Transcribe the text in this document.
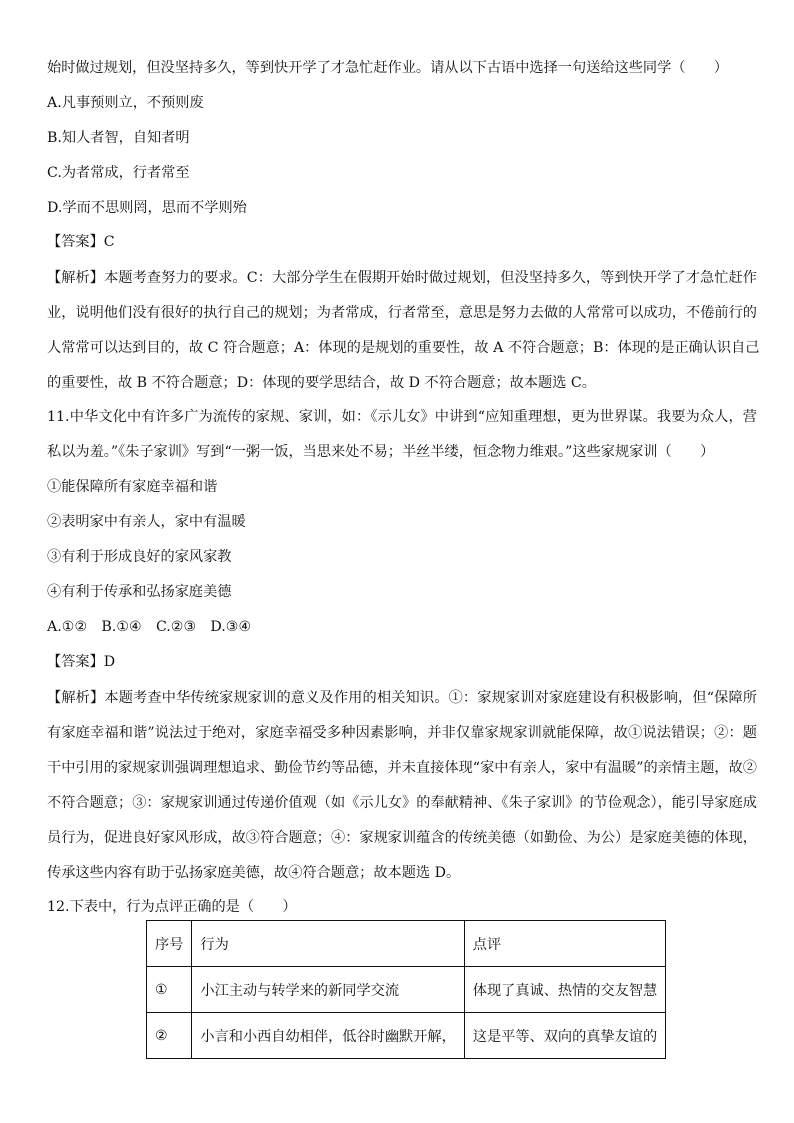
始时做过规划，但没坚持多久，等到快开学了才急忙赶作业。请从以下古语中选择一句送给这些同学（　　）
A.凡事预则立，不预则废
B.知人者智，自知者明
C.为者常成，行者常至
D.学而不思则罔，思而不学则殆
【答案】C
【解析】本题考查努力的要求。C：大部分学生在假期开始时做过规划，但没坚持多久，等到快开学了才急忙赶作
业，说明他们没有很好的执行自己的规划；为者常成，行者常至，意思是努力去做的人常常可以成功，不倦前行的
人常常可以达到目的，故 C 符合题意；A：体现的是规划的重要性，故 A 不符合题意；B：体现的是正确认识自己
的重要性，故 B 不符合题意；D：体现的要学思结合，故 D 不符合题意；故本题选 C。
11.中华文化中有许多广为流传的家规、家训，如：《示儿女》中讲到“应知重理想，更为世界谋。我要为众人，营
私以为羞。”《朱子家训》写到“一粥一饭，当思来处不易；半丝半缕，恒念物力维艰。”这些家规家训（　　）
①能保障所有家庭幸福和谐
②表明家中有亲人，家中有温暖
③有利于形成良好的家风家教
④有利于传承和弘扬家庭美德
A.①②　B.①④　C.②③　D.③④
【答案】D
【解析】本题考查中华传统家规家训的意义及作用的相关知识。①：家规家训对家庭建设有积极影响，但“保障所
有家庭幸福和谐”说法过于绝对，家庭幸福受多种因素影响，并非仅靠家规家训就能保障，故①说法错误；②：题
干中引用的家规家训强调理想追求、勤俭节约等品德，并未直接体现“家中有亲人，家中有温暖”的亲情主题，故②
不符合题意；③：家规家训通过传递价值观（如《示儿女》的奉献精神、《朱子家训》的节俭观念），能引导家庭成
员行为，促进良好家风形成，故③符合题意；④：家规家训蕴含的传统美德（如勤俭、为公）是家庭美德的体现，
传承这些内容有助于弘扬家庭美德，故④符合题意；故本题选 D。
12.下表中，行为点评正确的是（　　）
序号	行为	点评
①	小江主动与转学来的新同学交流	体现了真诚、热情的交友智慧
②	小言和小西自幼相伴，低谷时幽默开解，	这是平等、双向的真挚友谊的
